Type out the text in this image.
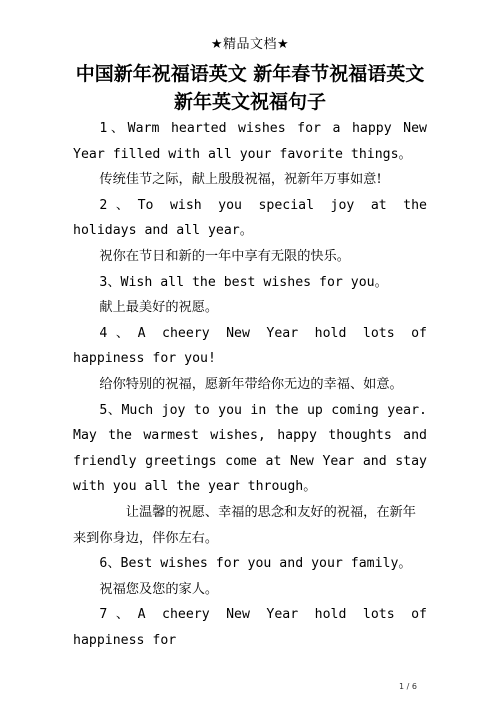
★精品文档★
中国新年祝福语英文 新年春节祝福语英文 新年英文祝福句子

1、Warm hearted wishes for a happy New Year filled with all your favorite things。

传统佳节之际，献上殷殷祝福，祝新年万事如意!

2、To wish you special joy at the holidays and all year。

祝你在节日和新的一年中享有无限的快乐。

3、Wish all the best wishes for you。

献上最美好的祝愿。

4、A cheery New Year hold lots of happiness for you!

给你特别的祝福，愿新年带给你无边的幸福、如意。

5、Much joy to you in the up coming year. May the warmest wishes, happy thoughts and friendly greetings come at New Year and stay with you all the year through。

让温馨的祝愿、幸福的思念和友好的祝福，在新年来到你身边，伴你左右。

6、Best wishes for you and your family。

祝福您及您的家人。

7、A cheery New Year hold lots of happiness for

1 / 6
